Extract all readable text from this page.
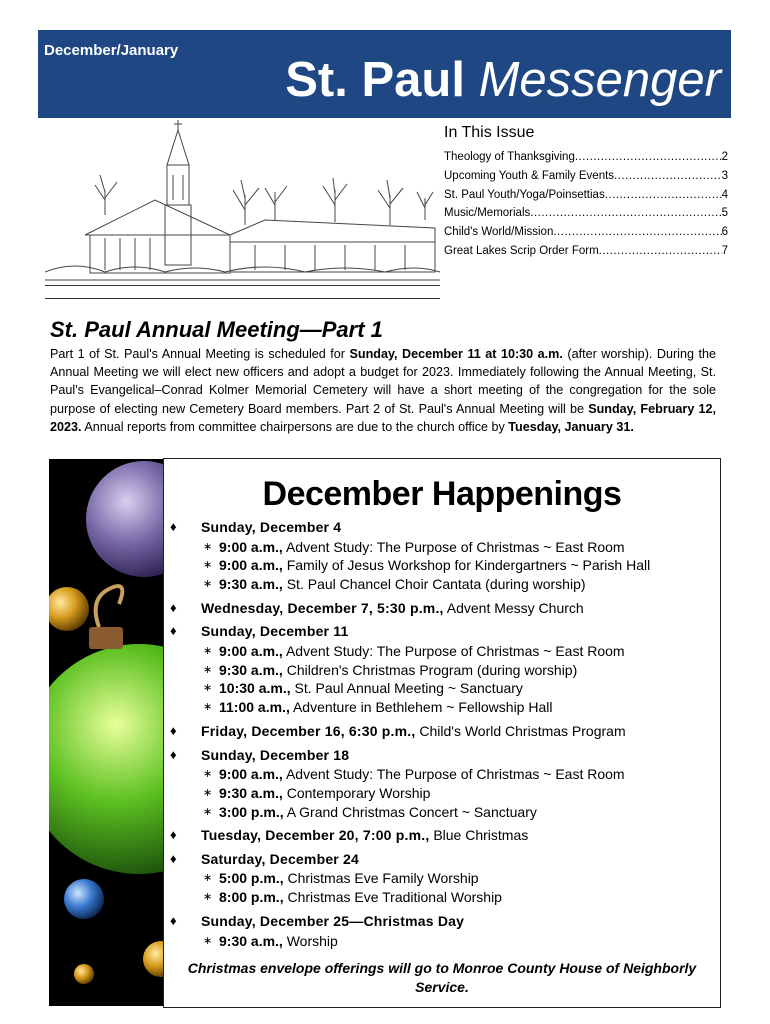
December/January
St. Paul Messenger
In This Issue
Theology of Thanksgiving .....	2
Upcoming Youth & Family Events .....	3
St. Paul Youth/Yoga/Poinsettias .....	4
Music/Memorials .....	5
Child's World/Mission .....	6
Great Lakes Scrip Order Form .....	7
St. Paul Annual Meeting—Part 1

Part 1 of St. Paul's Annual Meeting is scheduled for Sunday, December 11 at 10:30 a.m. (after worship). During the Annual Meeting we will elect new officers and adopt a budget for 2023. Immediately following the Annual Meeting, St. Paul's Evangelical–Conrad Kolmer Memorial Cemetery will have a short meeting of the congregation for the sole purpose of electing new Cemetery Board members. Part 2 of St. Paul's Annual Meeting will be Sunday, February 12, 2023. Annual reports from committee chairpersons are due to the church office by Tuesday, January 31.

December Happenings
♦ Sunday, December 4
∗ 9:00 a.m., Advent Study: The Purpose of Christmas ~ East Room
∗ 9:00 a.m., Family of Jesus Workshop for Kindergartners ~ Parish Hall
∗ 9:30 a.m., St. Paul Chancel Choir Cantata (during worship)
♦ Wednesday, December 7, 5:30 p.m., Advent Messy Church
♦ Sunday, December 11
∗ 9:00 a.m., Advent Study: The Purpose of Christmas ~ East Room
∗ 9:30 a.m., Children's Christmas Program (during worship)
∗ 10:30 a.m., St. Paul Annual Meeting ~ Sanctuary
∗ 11:00 a.m., Adventure in Bethlehem ~ Fellowship Hall
♦ Friday, December 16, 6:30 p.m., Child's World Christmas Program
♦ Sunday, December 18
∗ 9:00 a.m., Advent Study: The Purpose of Christmas ~ East Room
∗ 9:30 a.m., Contemporary Worship
∗ 3:00 p.m., A Grand Christmas Concert ~ Sanctuary
♦ Tuesday, December 20, 7:00 p.m., Blue Christmas
♦ Saturday, December 24
∗ 5:00 p.m., Christmas Eve Family Worship
∗ 8:00 p.m., Christmas Eve Traditional Worship
♦ Sunday, December 25—Christmas Day
∗ 9:30 a.m., Worship
Christmas envelope offerings will go to Monroe County House of Neighborly Service.
